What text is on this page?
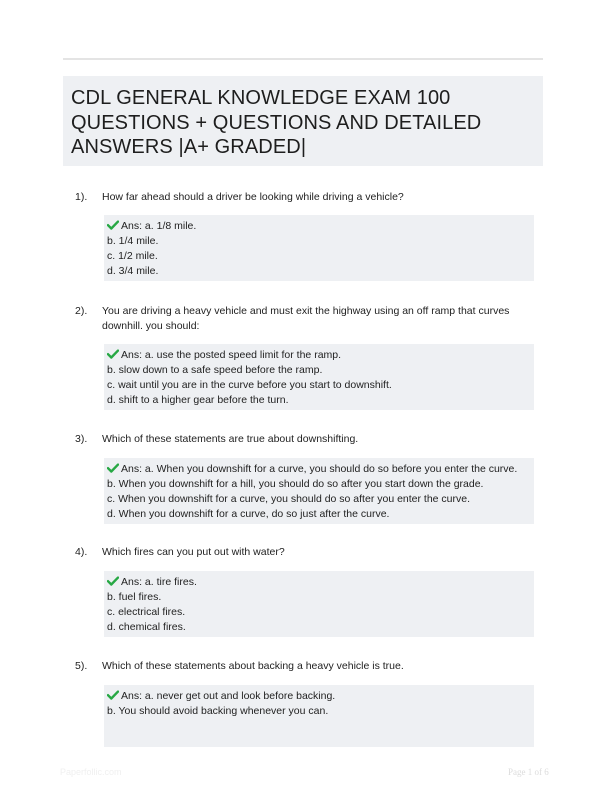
CDL GENERAL KNOWLEDGE EXAM 100 QUESTIONS + QUESTIONS AND DETAILED ANSWERS |A+ GRADED|
1). How far ahead should a driver be looking while driving a vehicle?
Ans: a. 1/8 mile.
b. 1/4 mile.
c. 1/2 mile.
d. 3/4 mile.
2). You are driving a heavy vehicle and must exit the highway using an off ramp that curves downhill. you should:
Ans: a. use the posted speed limit for the ramp.
b. slow down to a safe speed before the ramp.
c. wait until you are in the curve before you start to downshift.
d. shift to a higher gear before the turn.
3). Which of these statements are true about downshifting.
Ans: a. When you downshift for a curve, you should do so before you enter the curve.
b. When you downshift for a hill, you should do so after you start down the grade.
c. When you downshift for a curve, you should do so after you enter the curve.
d. When you downshift for a curve, do so just after the curve.
4). Which fires can you put out with water?
Ans: a. tire fires.
b. fuel fires.
c. electrical fires.
d. chemical fires.
5). Which of these statements about backing a heavy vehicle is true.
Ans: a. never get out and look before backing.
b. You should avoid backing whenever you can.
Paperfollic.com	Page 1 of 6
